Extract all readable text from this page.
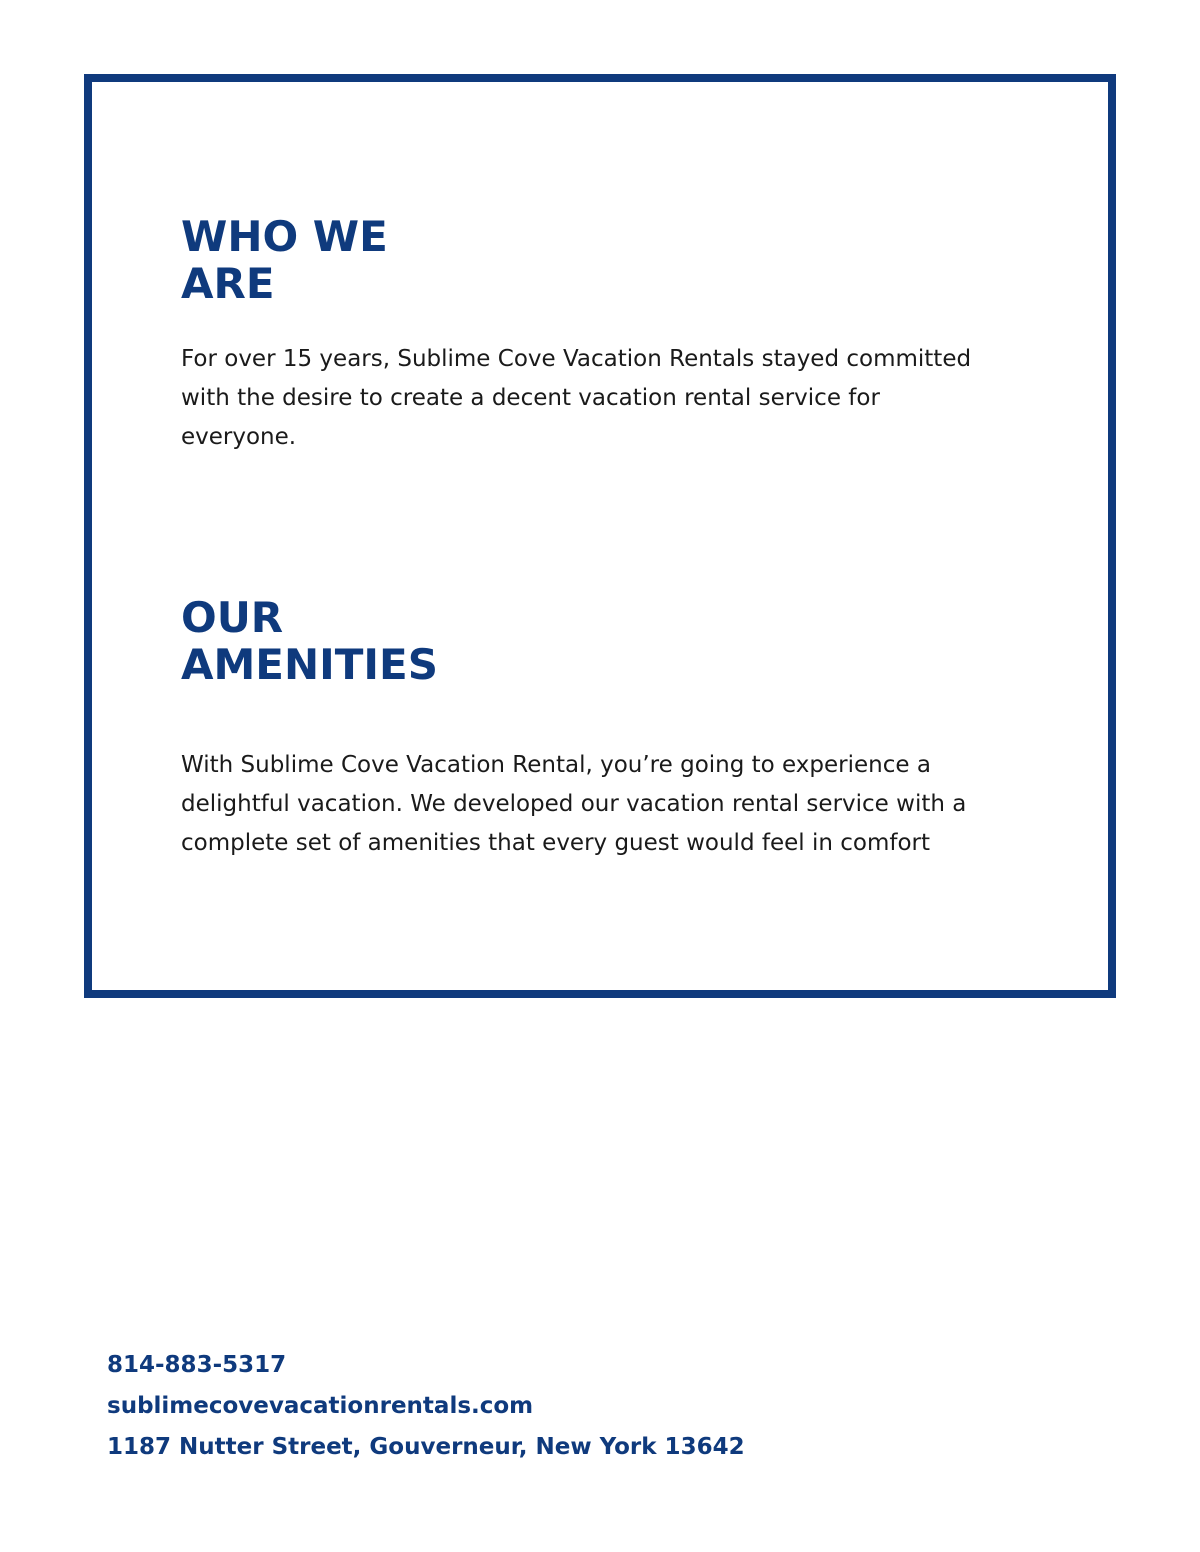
WHO WE
ARE

For over 15 years, Sublime Cove Vacation Rentals stayed committed
with the desire to create a decent vacation rental service for
everyone.

OUR
AMENITIES

With Sublime Cove Vacation Rental, you’re going to experience a
delightful vacation. We developed our vacation rental service with a
complete set of amenities that every guest would feel in comfort

814-883-5317
sublimecovevacationrentals.com
1187 Nutter Street, Gouverneur, New York 13642
